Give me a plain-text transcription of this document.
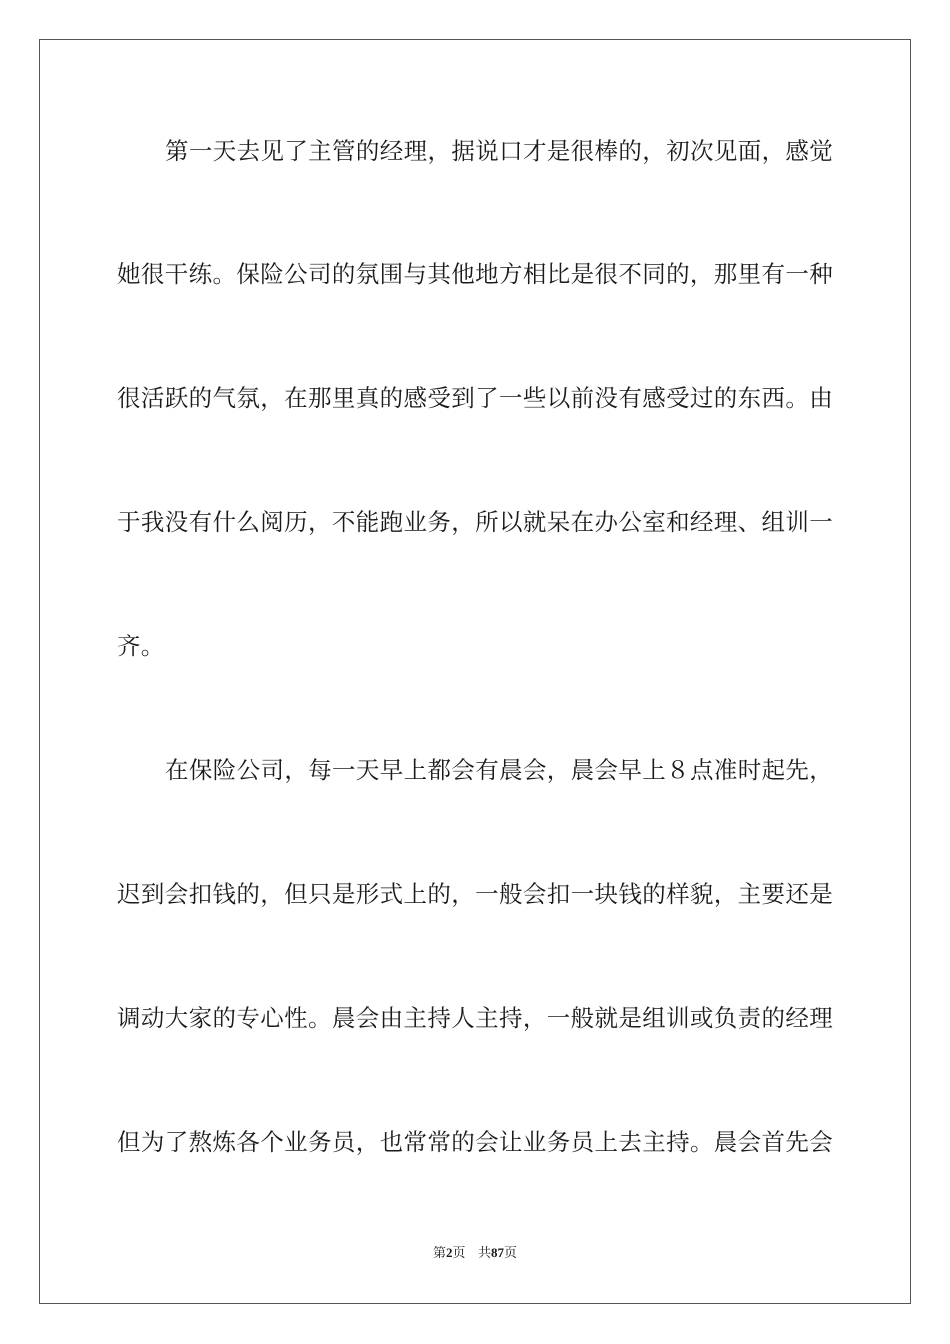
第一天去见了主管的经理，据说口才是很棒的，初次见面，感觉
她很干练。保险公司的氛围与其他地方相比是很不同的，那里有一种
很活跃的气氛，在那里真的感受到了一些以前没有感受过的东西。由
于我没有什么阅历，不能跑业务，所以就呆在办公室和经理、组训一
齐。
在保险公司，每一天早上都会有晨会，晨会早上８点准时起先，
迟到会扣钱的，但只是形式上的，一般会扣一块钱的样貌，主要还是
调动大家的专心性。晨会由主持人主持，一般就是组训或负责的经理
但为了熬炼各个业务员，也常常的会让业务员上去主持。晨会首先会
第2页 共87页
